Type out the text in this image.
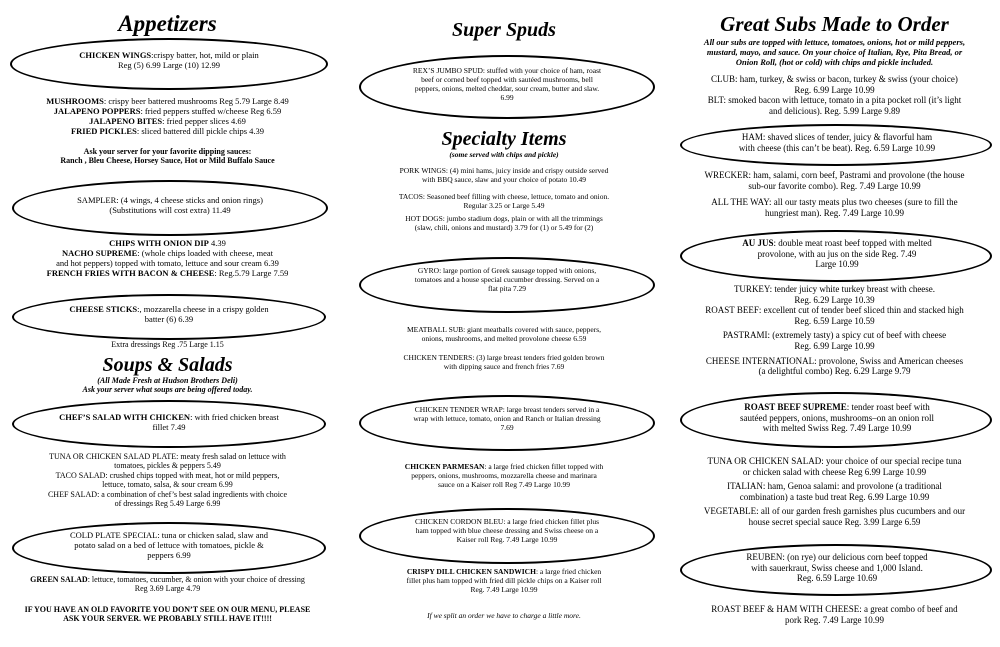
Appetizers
CHICKEN WINGS:crispy batter, hot, mild or plain
Reg (5) 6.99 Large (10) 12.99
MUSHROOMS: crispy beer battered mushrooms Reg 5.79 Large 8.49
JALAPENO POPPERS: fried peppers stuffed w/cheese Reg 6.59
JALAPENO BITES: fried pepper slices 4.69
FRIED PICKLES: sliced battered dill pickle chips 4.39
Ask your server for your favorite dipping sauces:
Ranch , Bleu Cheese, Horsey Sauce, Hot or Mild Buffalo Sauce
SAMPLER: (4 wings, 4 cheese sticks and onion rings)
(Substitutions will cost extra) 11.49
CHIPS WITH ONION DIP 4.39
NACHO SUPREME: (whole chips loaded with cheese, meat
and hot peppers) topped with tomato, lettuce and sour cream 6.39
FRENCH FRIES WITH BACON & CHEESE: Reg.5.79 Large 7.59
CHEESE STICKS:, mozzarella cheese in a crispy golden
batter (6) 6.39
Extra dressings Reg .75 Large 1.15
Soups & Salads
(All Made Fresh at Hudson Brothers Deli)
Ask your server what soups are being offered today.
CHEF’S SALAD WITH CHICKEN: with fried chicken breast
fillet 7.49
TUNA OR CHICKEN SALAD PLATE: meaty fresh salad on lettuce with
tomatoes, pickles & peppers 5.49
TACO SALAD: crushed chips topped with meat, hot or mild peppers,
lettuce, tomato, salsa, & sour cream 6.99
CHEF SALAD: a combination of chef’s best salad ingredients with choice
of dressings Reg 5.49 Large 6.99
COLD PLATE SPECIAL: tuna or chicken salad, slaw and
potato salad on a bed of lettuce with tomatoes, pickle &
peppers 6.99
GREEN SALAD: lettuce, tomatoes, cucumber, & onion with your choice of dressing
Reg 3.69 Large 4.79
IF YOU HAVE AN OLD FAVORITE YOU DON’T SEE ON OUR MENU, PLEASE
ASK YOUR SERVER. WE PROBABLY STILL HAVE IT!!!!
Super Spuds
REX’S JUMBO SPUD: stuffed with your choice of ham, roast
beef or corned beef topped with sautéed mushrooms, bell
peppers, onions, melted cheddar, sour cream, butter and slaw.
6.99
Specialty Items
(some served with chips and pickle)
PORK WINGS: (4) mini hams, juicy inside and crispy outside served
with BBQ sauce, slaw and your choice of potato 10.49
TACOS: Seasoned beef filling with cheese, lettuce, tomato and onion.
Regular 3.25 or Large 5.49
HOT DOGS: jumbo stadium dogs, plain or with all the trimmings
(slaw, chili, onions and mustard) 3.79 for (1) or 5.49 for (2)
GYRO: large portion of Greek sausage topped with onions,
tomatoes and a house special cucumber dressing. Served on a
flat pita 7.29
MEATBALL SUB: giant meatballs covered with sauce, peppers,
onions, mushrooms, and melted provolone cheese 6.59
CHICKEN TENDERS: (3) large breast tenders fried golden brown
with dipping sauce and french fries 7.69
CHICKEN TENDER WRAP: large breast tenders served in a
wrap with lettuce, tomato, onion and Ranch or Italian dressing
7.69
CHICKEN PARMESAN: a large fried chicken fillet topped with
peppers, onions, mushrooms, mozzarella cheese and marinara
sauce on a Kaiser roll Reg 7.49 Large 10.99
CHICKEN CORDON BLEU: a large fried chicken fillet plus
ham topped with blue cheese dressing and Swiss cheese on a
Kaiser roll Reg. 7.49 Large 10.99
CRISPY DILL CHICKEN SANDWICH: a large fried chicken
fillet plus ham topped with fried dill pickle chips on a Kaiser roll
Reg. 7.49 Large 10.99
If we split an order we have to charge a little more.
Great Subs Made to Order
All our subs are topped with lettuce, tomatoes, onions, hot or mild peppers,
mustard, mayo, and sauce. On your choice of Italian, Rye, Pita Bread, or
Onion Roll, (hot or cold) with chips and pickle included.
CLUB: ham, turkey, & swiss or bacon, turkey & swiss (your choice)
Reg. 6.99 Large 10.99
BLT: smoked bacon with lettuce, tomato in a pita pocket roll (it’s light
and delicious). Reg. 5.99 Large 9.89
HAM: shaved slices of tender, juicy & flavorful ham
with cheese (this can’t be beat). Reg. 6.59 Large 10.99
WRECKER: ham, salami, corn beef, Pastrami and provolone (the house
sub-our favorite combo). Reg. 7.49 Large 10.99
ALL THE WAY: all our tasty meats plus two cheeses (sure to fill the
hungriest man). Reg. 7.49 Large 10.99
AU JUS: double meat roast beef topped with melted
provolone, with au jus on the side Reg. 7.49
Large 10.99
TURKEY: tender juicy white turkey breast with cheese.
Reg. 6.29 Large 10.39
ROAST BEEF: excellent cut of tender beef sliced thin and stacked high
Reg. 6.59 Large 10.59
PASTRAMI: (extremely tasty) a spicy cut of beef with cheese
Reg. 6.99 Large 10.99
CHEESE INTERNATIONAL: provolone, Swiss and American cheeses
(a delightful combo) Reg. 6.29 Large 9.79
ROAST BEEF SUPREME: tender roast beef with
sautéed peppers, onions, mushrooms–on an onion roll
with melted Swiss Reg. 7.49 Large 10.99
TUNA OR CHICKEN SALAD: your choice of our special recipe tuna
or chicken salad with cheese Reg 6.99 Large 10.99
ITALIAN: ham, Genoa salami: and provolone (a traditional
combination) a taste bud treat Reg. 6.99 Large 10.99
VEGETABLE: all of our garden fresh garnishes plus cucumbers and our
house secret special sauce Reg. 3.99 Large 6.59
REUBEN: (on rye) our delicious corn beef topped
with sauerkraut, Swiss cheese and 1,000 Island.
Reg. 6.59 Large 10.69
ROAST BEEF & HAM WITH CHEESE: a great combo of beef and
pork Reg. 7.49 Large 10.99
